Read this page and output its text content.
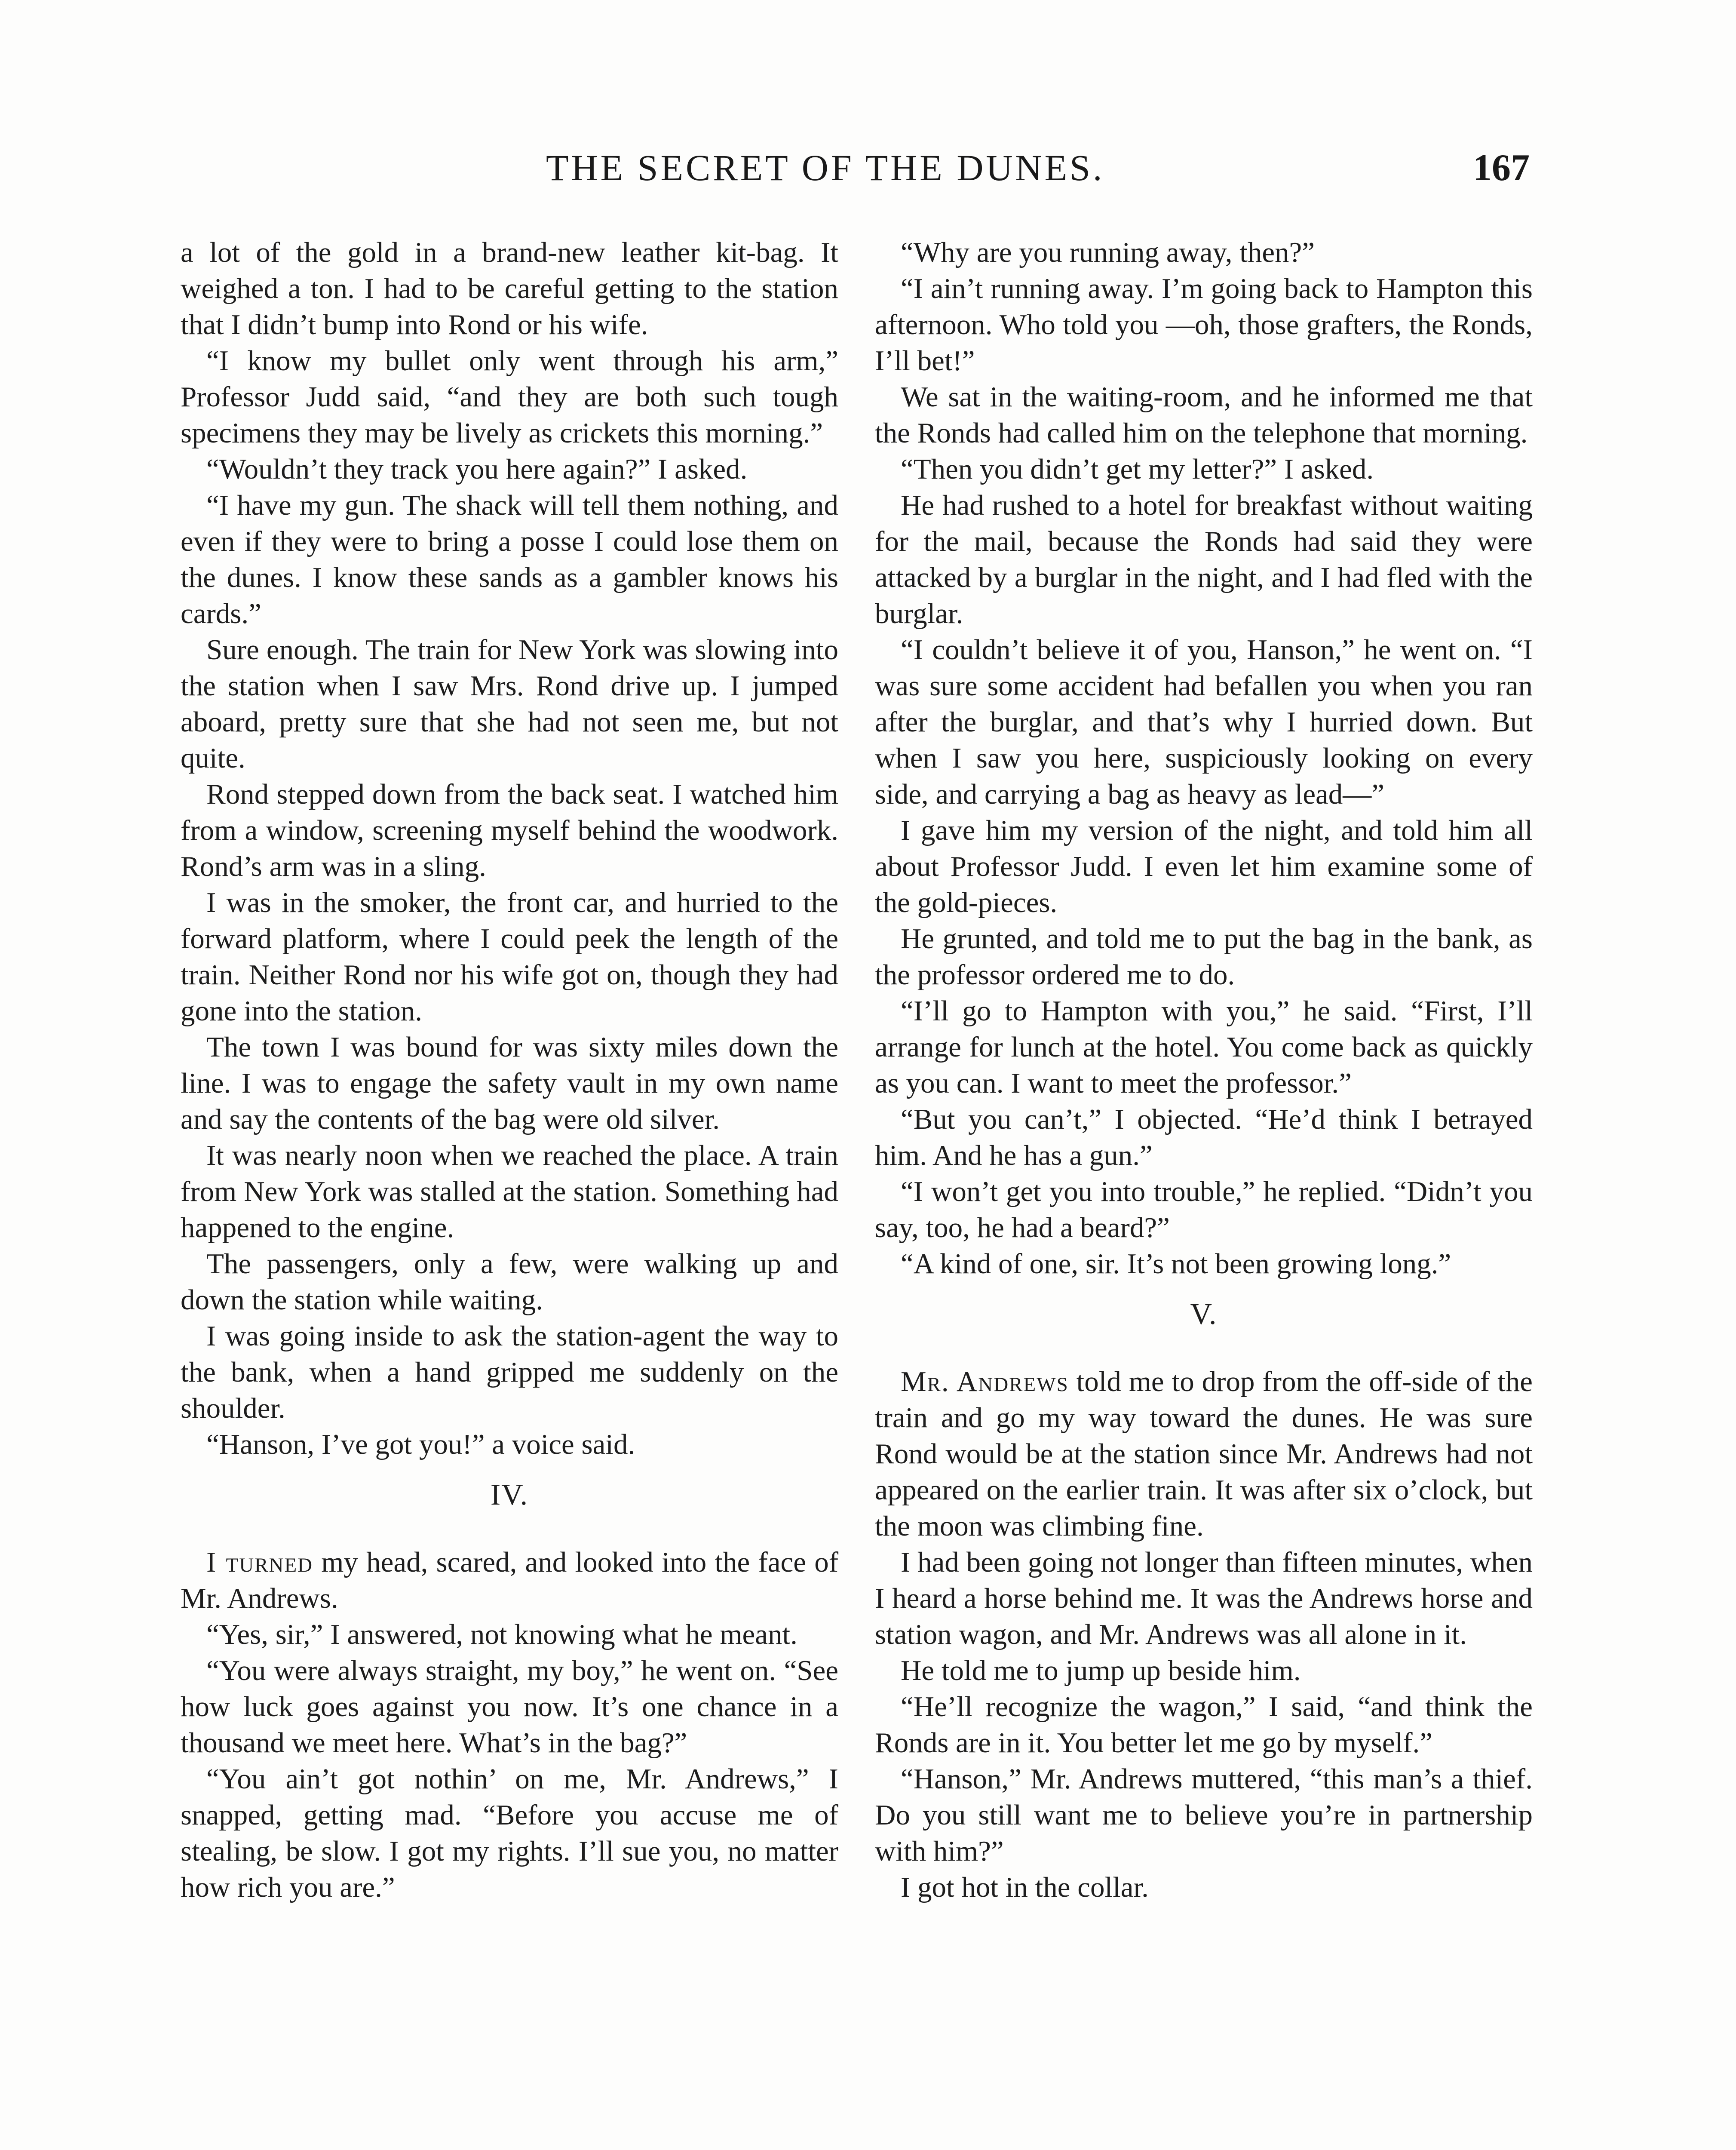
THE SECRET OF THE DUNES.	167

a lot of the gold in a brand-new leather kit-bag. It weighed a ton. I had to be careful getting to the station that I didn’t bump into Rond or his wife.

“I know my bullet only went through his arm,” Professor Judd said, “and they are both such tough specimens they may be lively as crickets this morning.”

“Wouldn’t they track you here again?” I asked.

“I have my gun. The shack will tell them nothing, and even if they were to bring a posse I could lose them on the dunes. I know these sands as a gambler knows his cards.”

Sure enough. The train for New York was slowing into the station when I saw Mrs. Rond drive up. I jumped aboard, pretty sure that she had not seen me, but not quite.

Rond stepped down from the back seat. I watched him from a window, screening myself behind the woodwork. Rond’s arm was in a sling.

I was in the smoker, the front car, and hurried to the forward platform, where I could peek the length of the train. Neither Rond nor his wife got on, though they had gone into the station.

The town I was bound for was sixty miles down the line. I was to engage the safety vault in my own name and say the contents of the bag were old silver.

It was nearly noon when we reached the place. A train from New York was stalled at the station. Something had happened to the engine.

The passengers, only a few, were walking up and down the station while waiting.

I was going inside to ask the station-agent the way to the bank, when a hand gripped me suddenly on the shoulder.

“Hanson, I’ve got you!” a voice said.

IV.

I turned my head, scared, and looked into the face of Mr. Andrews.

“Yes, sir,” I answered, not knowing what he meant.

“You were always straight, my boy,” he went on. “See how luck goes against you now. It’s one chance in a thousand we meet here. What’s in the bag?”

“You ain’t got nothin’ on me, Mr. Andrews,” I snapped, getting mad. “Before you accuse me of stealing, be slow. I got my rights. I’ll sue you, no matter how rich you are.”

“Why are you running away, then?”

“I ain’t running away. I’m going back to Hampton this afternoon. Who told you —oh, those grafters, the Ronds, I’ll bet!”

We sat in the waiting-room, and he informed me that the Ronds had called him on the telephone that morning.

“Then you didn’t get my letter?” I asked.

He had rushed to a hotel for breakfast without waiting for the mail, because the Ronds had said they were attacked by a burglar in the night, and I had fled with the burglar.

“I couldn’t believe it of you, Hanson,” he went on. “I was sure some accident had befallen you when you ran after the burglar, and that’s why I hurried down. But when I saw you here, suspiciously looking on every side, and carrying a bag as heavy as lead—”

I gave him my version of the night, and told him all about Professor Judd. I even let him examine some of the gold-pieces.

He grunted, and told me to put the bag in the bank, as the professor ordered me to do.

“I’ll go to Hampton with you,” he said. “First, I’ll arrange for lunch at the hotel. You come back as quickly as you can. I want to meet the professor.”

“But you can’t,” I objected. “He’d think I betrayed him. And he has a gun.”

“I won’t get you into trouble,” he replied. “Didn’t you say, too, he had a beard?”

“A kind of one, sir. It’s not been growing long.”

V.

Mr. Andrews told me to drop from the off-side of the train and go my way toward the dunes. He was sure Rond would be at the station since Mr. Andrews had not appeared on the earlier train. It was after six o’clock, but the moon was climbing fine.

I had been going not longer than fifteen minutes, when I heard a horse behind me. It was the Andrews horse and station wagon, and Mr. Andrews was all alone in it.

He told me to jump up beside him.

“He’ll recognize the wagon,” I said, “and think the Ronds are in it. You better let me go by myself.”

“Hanson,” Mr. Andrews muttered, “this man’s a thief. Do you still want me to believe you’re in partnership with him?”

I got hot in the collar.
